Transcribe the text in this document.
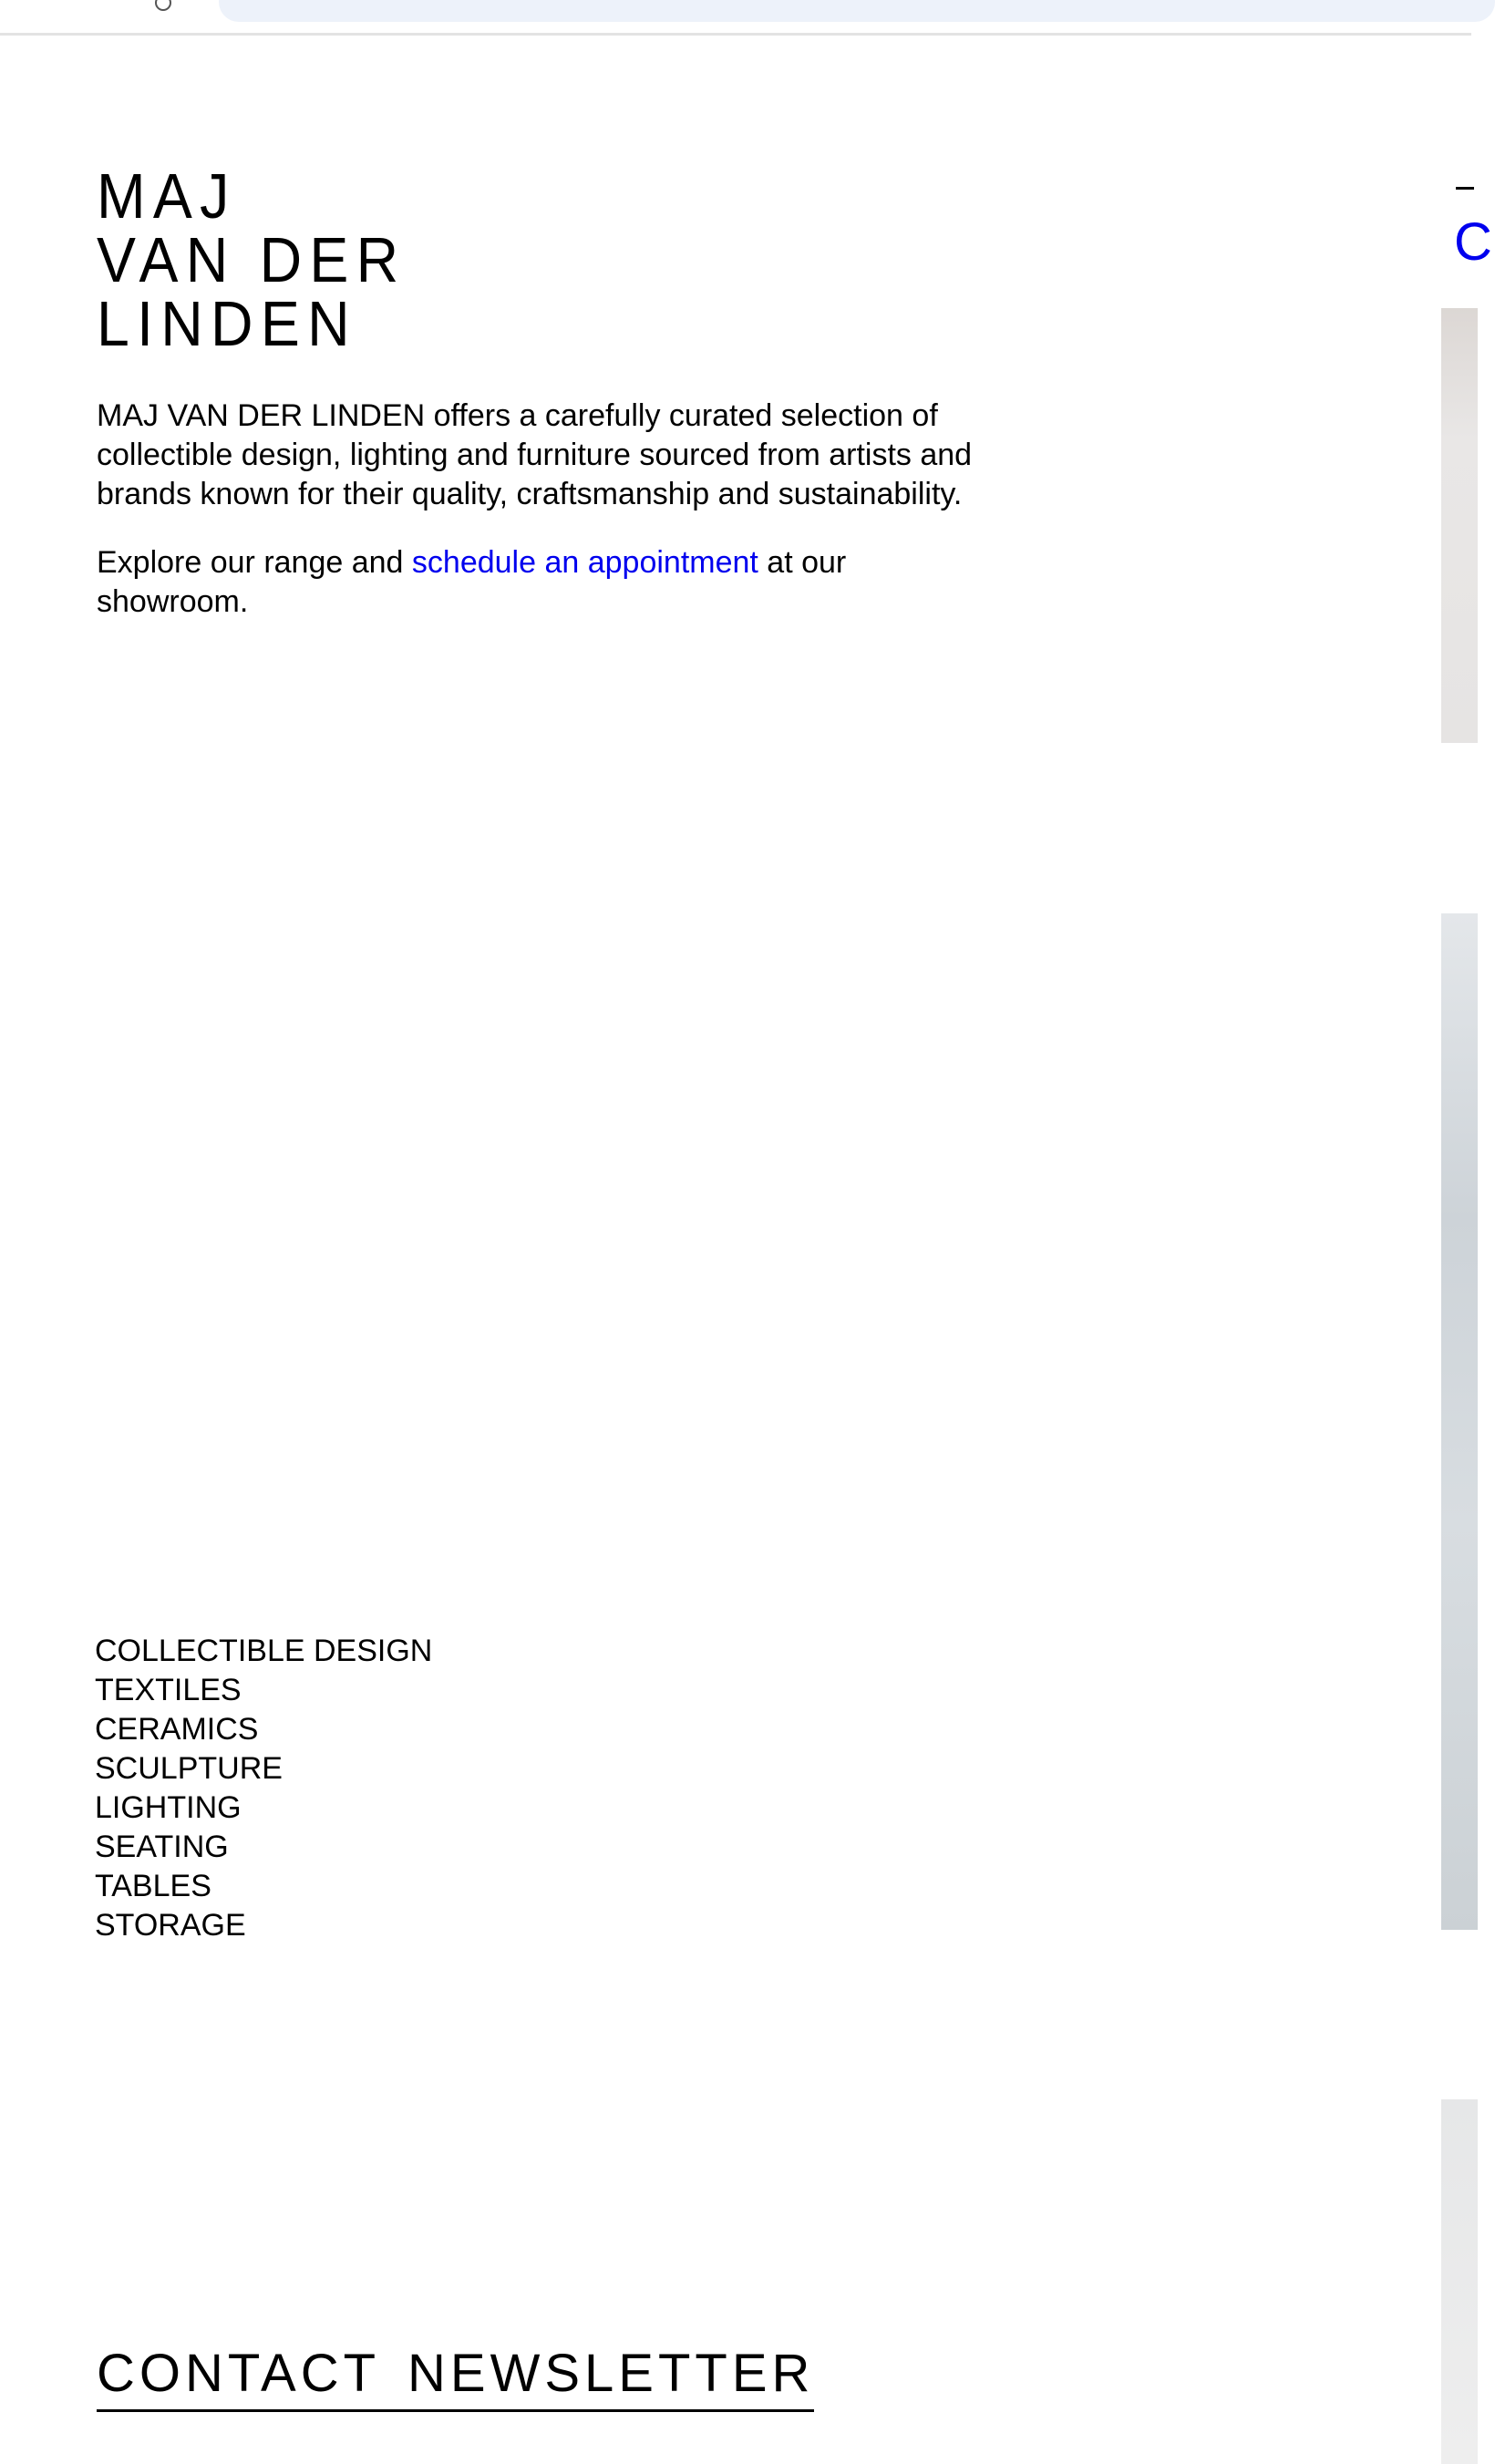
MAJ
VAN DER
LINDEN

MAJ VAN DER LINDEN offers a carefully curated selection of collectible design, lighting and furniture sourced from artists and brands known for their quality, craftsmanship and sustainability.

Explore our range and schedule an appointment at our showroom.

COLLECTIBLE DESIGN
TEXTILES
CERAMICS
SCULPTURE
LIGHTING
SEATING
TABLES
STORAGE
CONTACT NEWSLETTER
C
